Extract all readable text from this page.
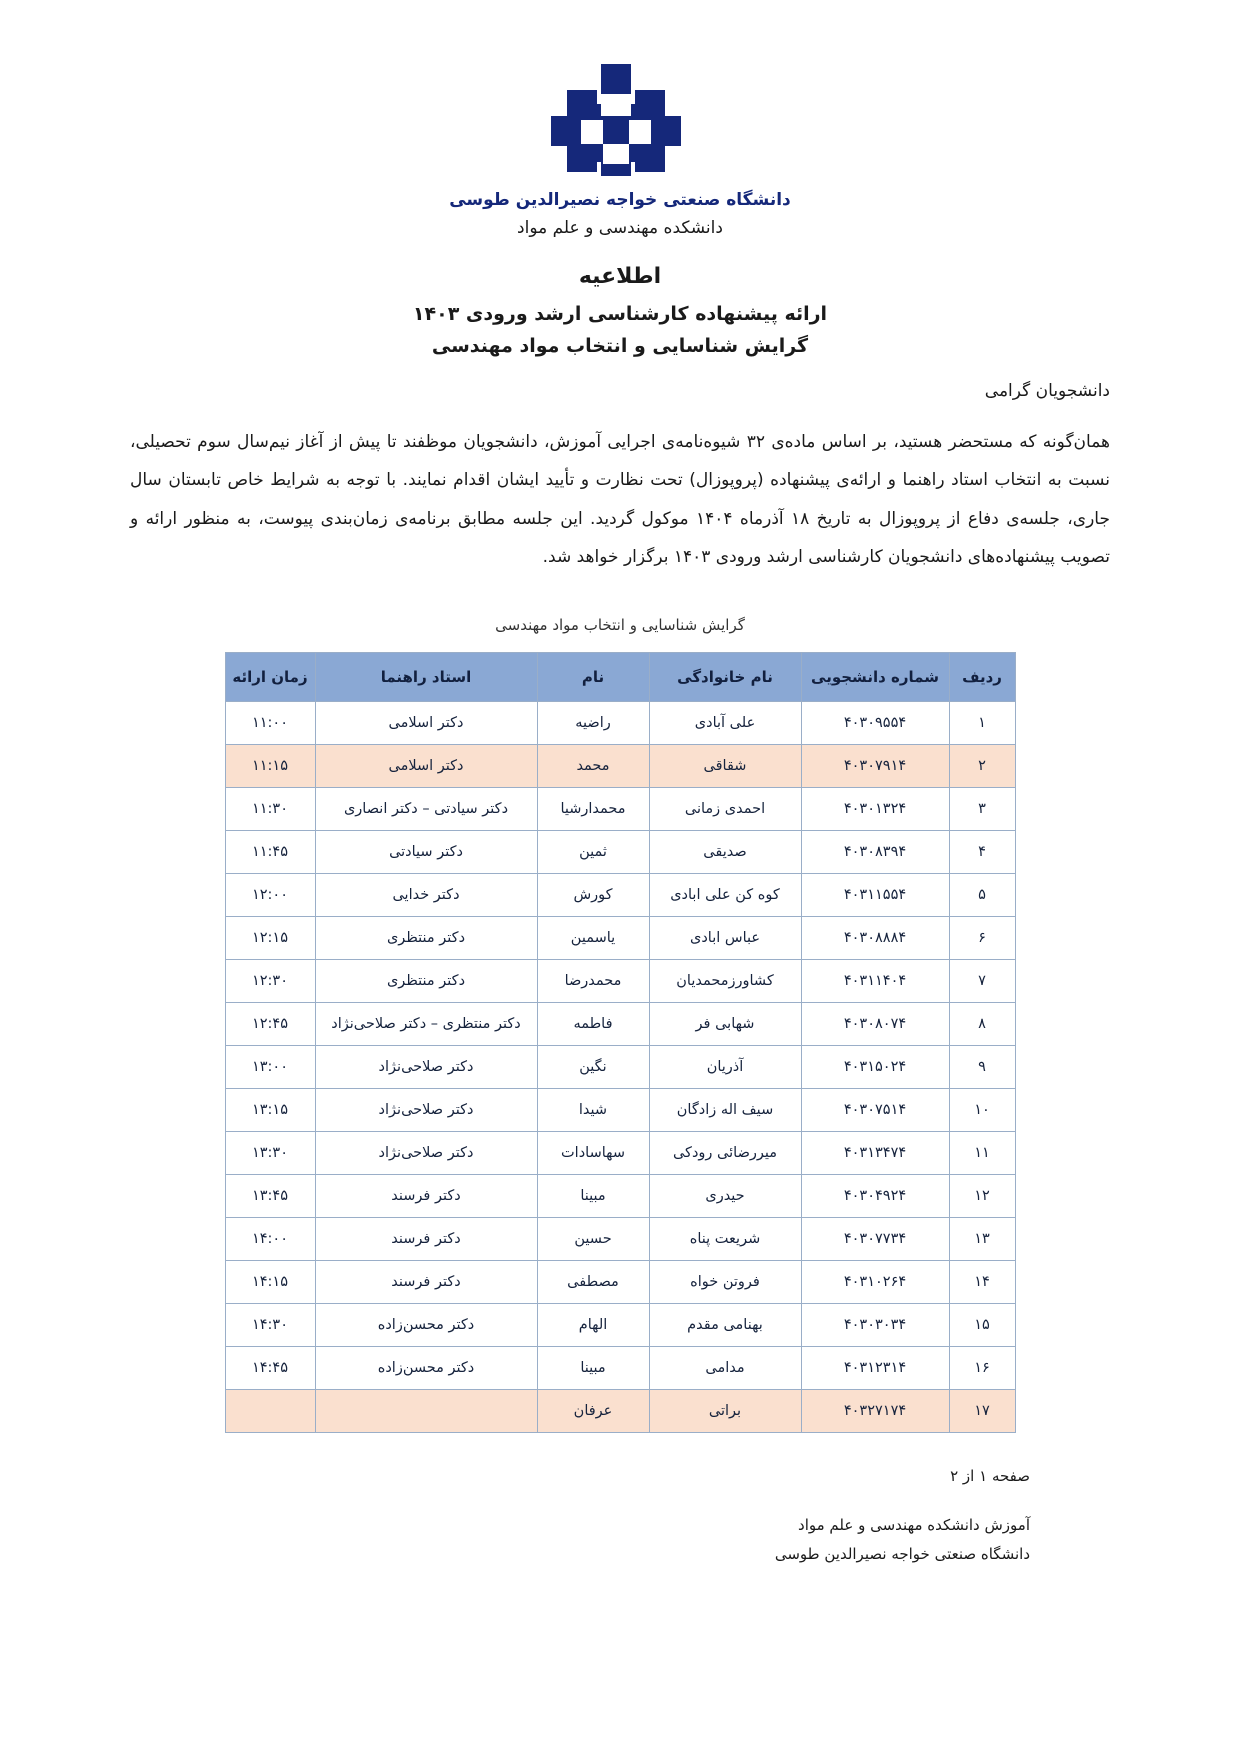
دانشگاه صنعتی خواجه نصیرالدین طوسی
دانشکده مهندسی و علم مواد
اطلاعیه
ارائه پیشنهاده کارشناسی ارشد ورودی ۱۴۰۳
گرایش شناسایی و انتخاب مواد مهندسی
دانشجویان گرامی
همان‌گونه که مستحضر هستید، بر اساس ماده‌ی ۳۲ شیوه‌نامه‌ی اجرایی آموزش، دانشجویان موظفند تا پیش از آغاز نیم‌سال سوم تحصیلی، نسبت به انتخاب استاد راهنما و ارائه‌ی پیشنهاده (پروپوزال) تحت نظارت و تأیید ایشان اقدام نمایند. با توجه به شرایط خاص تابستان سال جاری، جلسه‌ی دفاع از پروپوزال به تاریخ ۱۸ آذرماه ۱۴۰۴ موکول گردید. این جلسه مطابق برنامه‌ی زمان‌بندی پیوست، به منظور ارائه و تصویب پیشنهاده‌های دانشجویان کارشناسی ارشد ورودی ۱۴۰۳ برگزار خواهد شد.
گرایش شناسایی و انتخاب مواد مهندسی
ردیف	شماره دانشجویی	نام خانوادگی	نام	استاد راهنما	زمان ارائه
۱	۴۰۳۰۹۵۵۴	علی آبادی	راضیه	دکتر اسلامی	۱۱:۰۰
۲	۴۰۳۰۷۹۱۴	شقاقی	محمد	دکتر اسلامی	۱۱:۱۵
۳	۴۰۳۰۱۳۲۴	احمدی زمانی	محمدارشیا	دکتر سیادتی – دکتر انصاری	۱۱:۳۰
۴	۴۰۳۰۸۳۹۴	صدیقی	ثمین	دکتر سیادتی	۱۱:۴۵
۵	۴۰۳۱۱۵۵۴	کوه کن علی ابادی	کورش	دکتر خدایی	۱۲:۰۰
۶	۴۰۳۰۸۸۸۴	عباس ابادی	یاسمین	دکتر منتظری	۱۲:۱۵
۷	۴۰۳۱۱۴۰۴	کشاورزمحمدیان	محمدرضا	دکتر منتظری	۱۲:۳۰
۸	۴۰۳۰۸۰۷۴	شهابی فر	فاطمه	دکتر منتظری – دکتر صلاحی‌نژاد	۱۲:۴۵
۹	۴۰۳۱۵۰۲۴	آذریان	نگین	دکتر صلاحی‌نژاد	۱۳:۰۰
۱۰	۴۰۳۰۷۵۱۴	سیف اله زادگان	شیدا	دکتر صلاحی‌نژاد	۱۳:۱۵
۱۱	۴۰۳۱۳۴۷۴	میررضائی رودکی	سهاسادات	دکتر صلاحی‌نژاد	۱۳:۳۰
۱۲	۴۰۳۰۴۹۲۴	حیدری	مبینا	دکتر فرسند	۱۳:۴۵
۱۳	۴۰۳۰۷۷۳۴	شریعت پناه	حسین	دکتر فرسند	۱۴:۰۰
۱۴	۴۰۳۱۰۲۶۴	فروتن خواه	مصطفی	دکتر فرسند	۱۴:۱۵
۱۵	۴۰۳۰۳۰۳۴	بهنامی مقدم	الهام	دکتر محسن‌زاده	۱۴:۳۰
۱۶	۴۰۳۱۲۳۱۴	مدامی	مبینا	دکتر محسن‌زاده	۱۴:۴۵
۱۷	۴۰۳۲۷۱۷۴	براتی	عرفان		
صفحه ۱ از ۲
آموزش دانشکده مهندسی و علم مواد
دانشگاه صنعتی خواجه نصیرالدین طوسی
